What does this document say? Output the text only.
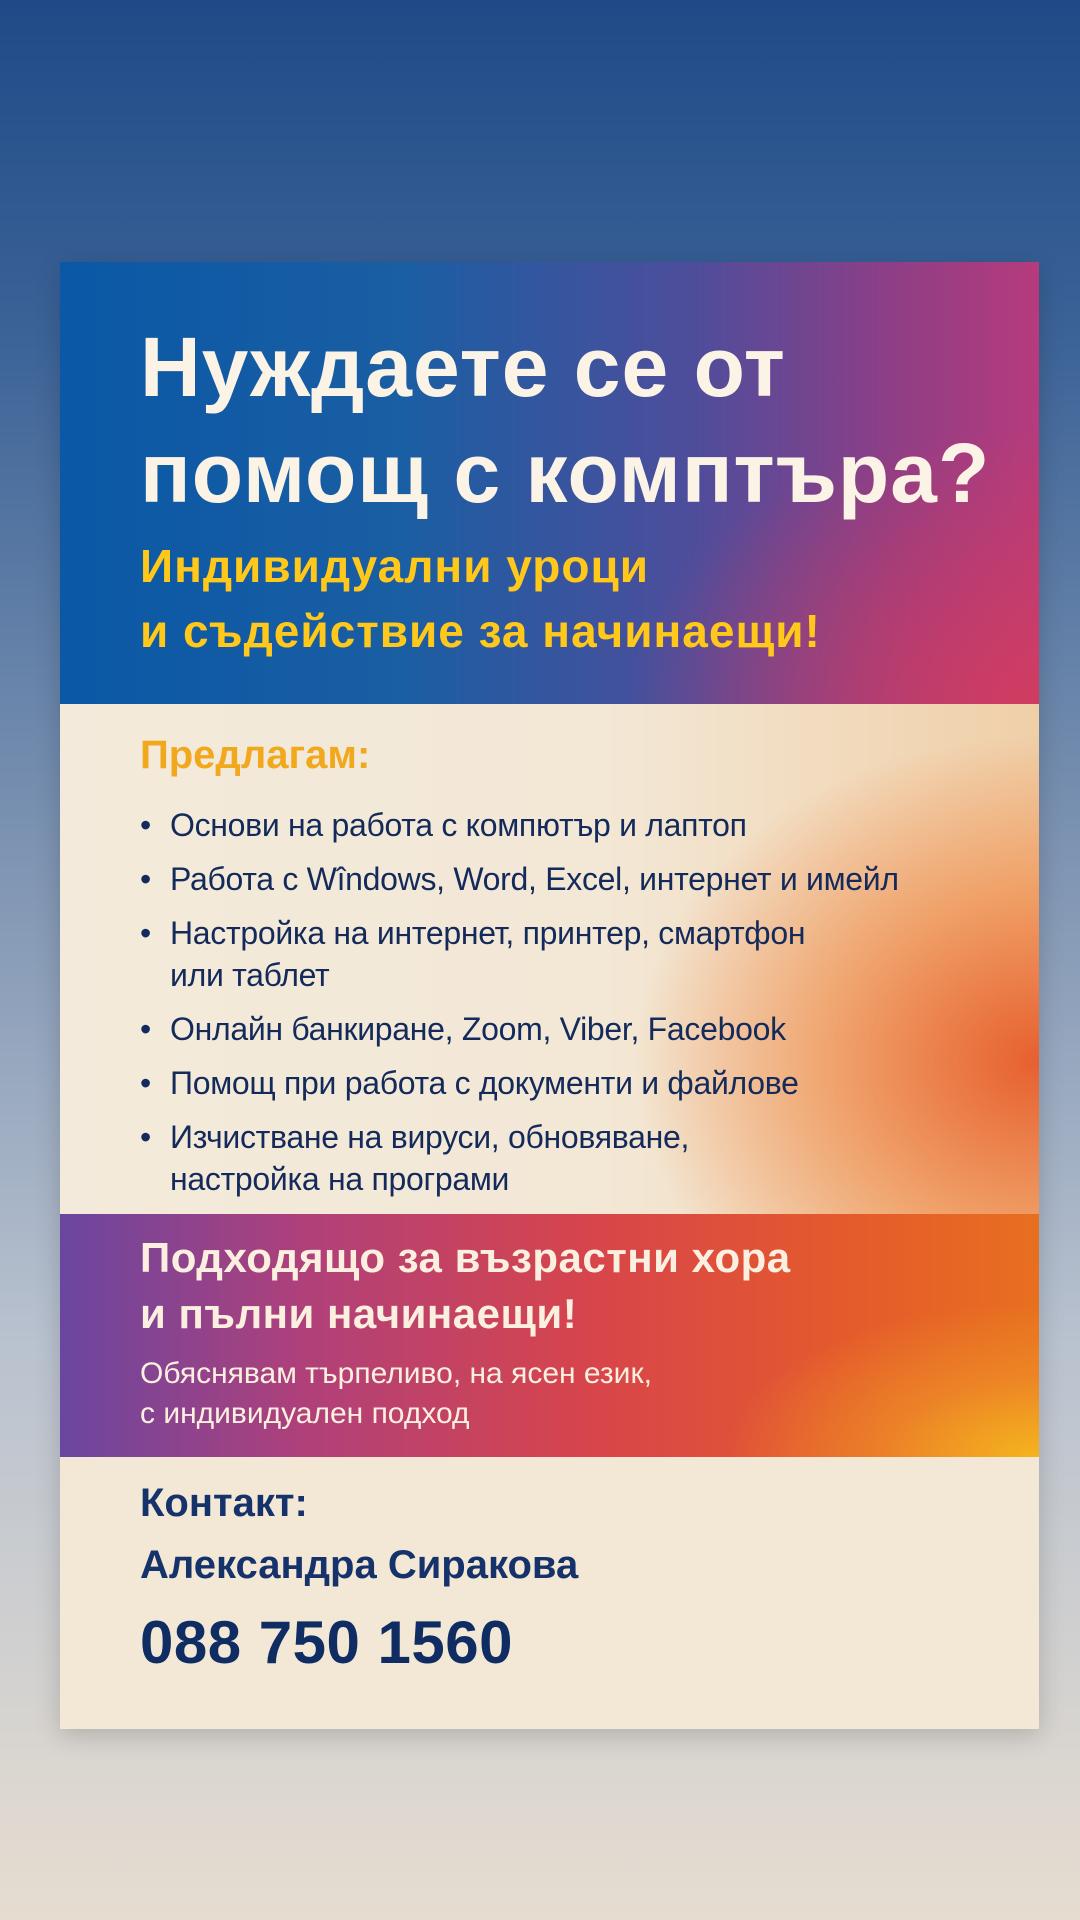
Нуждаете се от
помощ с комптъра?
Индивидуални уроци
и съдействие за начинаещи!
Предлагам:
• Основи на работа с компютър и лаптоп
• Работа с Wîndows, Word, Excel, интернет и имейл
• Настройка на интернет, принтер, смартфон
или таблет
• Онлайн банкиране, Zoom, Viber, Facebook
• Помощ при работа с документи и файлове
• Изчистване на вируси, обновяване,
настройка на програми
Подходящо за възрастни хора
и пълни начинаещи!

Обяснявам търпеливо, на ясен език,
с индивидуален подход

Контакт:

Александра Сиракова

088 750 1560
